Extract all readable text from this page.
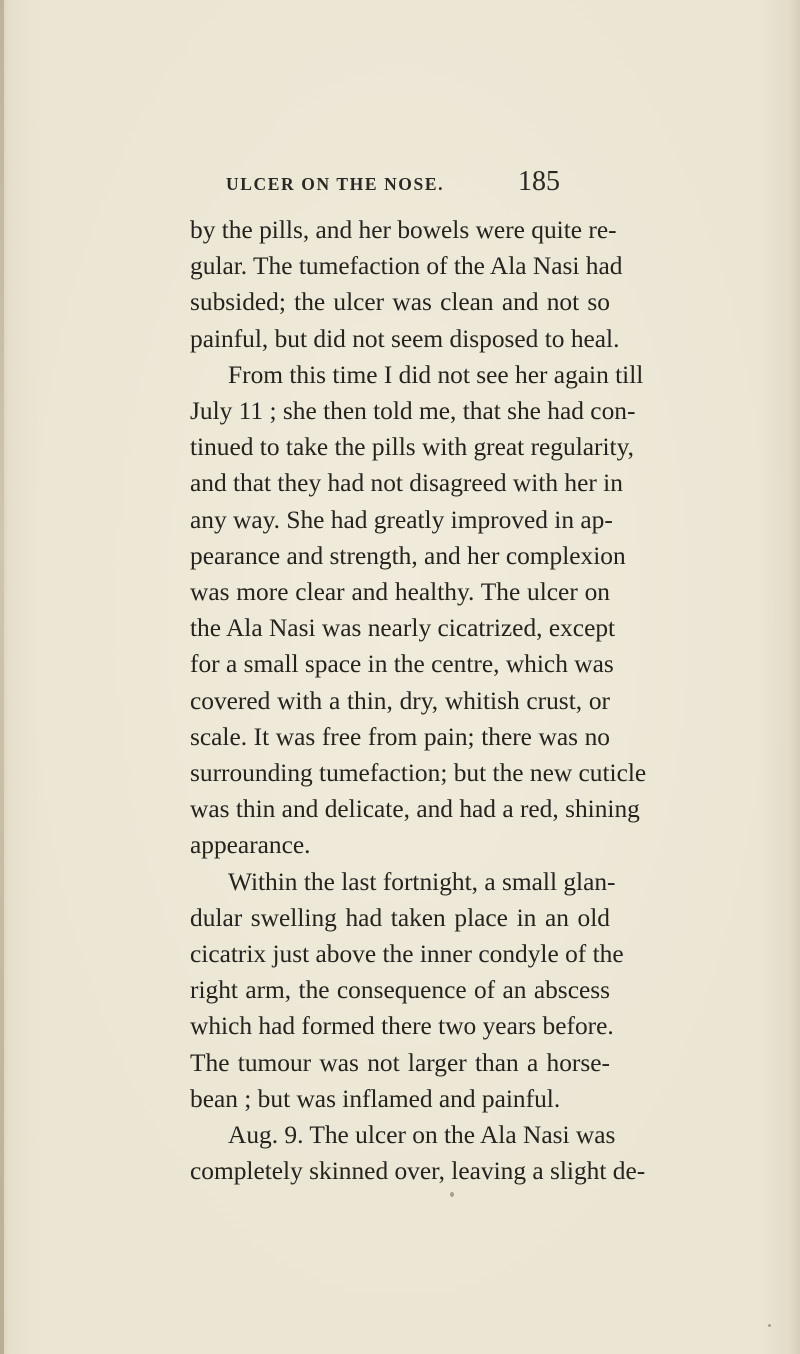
ULCER ON THE NOSE.	185
by the pills, and her bowels were quite re-
gular. The tumefaction of the Ala Nasi had
subsided; the ulcer was clean and not so
painful, but did not seem disposed to heal.
From this time I did not see her again till
July 11 ; she then told me, that she had con-
tinued to take the pills with great regularity,
and that they had not disagreed with her in
any way. She had greatly improved in ap-
pearance and strength, and her complexion
was more clear and healthy. The ulcer on
the Ala Nasi was nearly cicatrized, except
for a small space in the centre, which was
covered with a thin, dry, whitish crust, or
scale. It was free from pain; there was no
surrounding tumefaction; but the new cuticle
was thin and delicate, and had a red, shining
appearance.
Within the last fortnight, a small glan-
dular swelling had taken place in an old
cicatrix just above the inner condyle of the
right arm, the consequence of an abscess
which had formed there two years before.
The tumour was not larger than a horse-
bean ; but was inflamed and painful.
Aug. 9. The ulcer on the Ala Nasi was
completely skinned over, leaving a slight de-
